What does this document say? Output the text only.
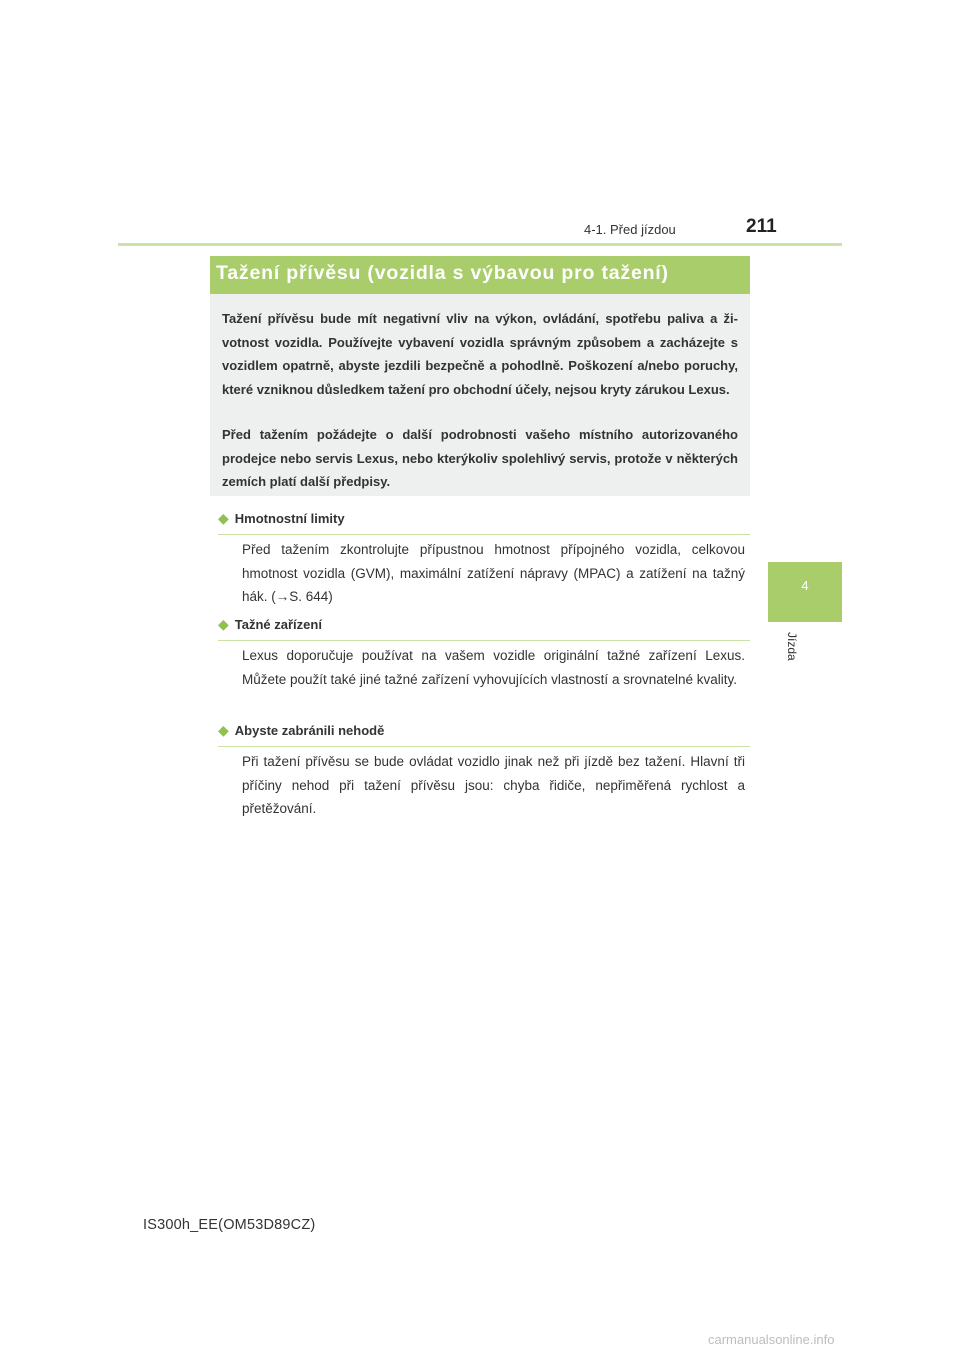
4-1. Před jízdou	211
4
Jízda
Tažení přívěsu (vozidla s výbavou pro tažení)

Tažení přívěsu bude mít negativní vliv na výkon, ovládání, spotřebu paliva a životnost vozidla. Používejte vybavení vozidla správným způsobem a zacházejte s vozidlem opatrně, abyste jezdili bezpečně a pohodlně. Poškození a/nebo poruchy, které vzniknou důsledkem tažení pro obchodní účely, nejsou kryty zárukou Lexus.

Před tažením požádejte o další podrobnosti vašeho místního autorizovaného prodejce nebo servis Lexus, nebo kterýkoliv spolehlivý servis, protože v některých zemích platí další předpisy.

◆ Hmotnostní limity

Před tažením zkontrolujte přípustnou hmotnost přípojného vozidla, celkovou hmotnost vozidla (GVM), maximální zatížení nápravy (MPAC) a zatížení na tažný hák. (→S. 644)

◆ Tažné zařízení

Lexus doporučuje používat na vašem vozidle originální tažné zařízení Lexus. Můžete použít také jiné tažné zařízení vyhovujících vlastností a srovnatelné kvality.

◆ Abyste zabránili nehodě

Při tažení přívěsu se bude ovládat vozidlo jinak než při jízdě bez tažení. Hlavní tři příčiny nehod při tažení přívěsu jsou: chyba řidiče, nepřiměřená rychlost a přetěžování.

IS300h_EE(OM53D89CZ)
carmanualsonline.info
